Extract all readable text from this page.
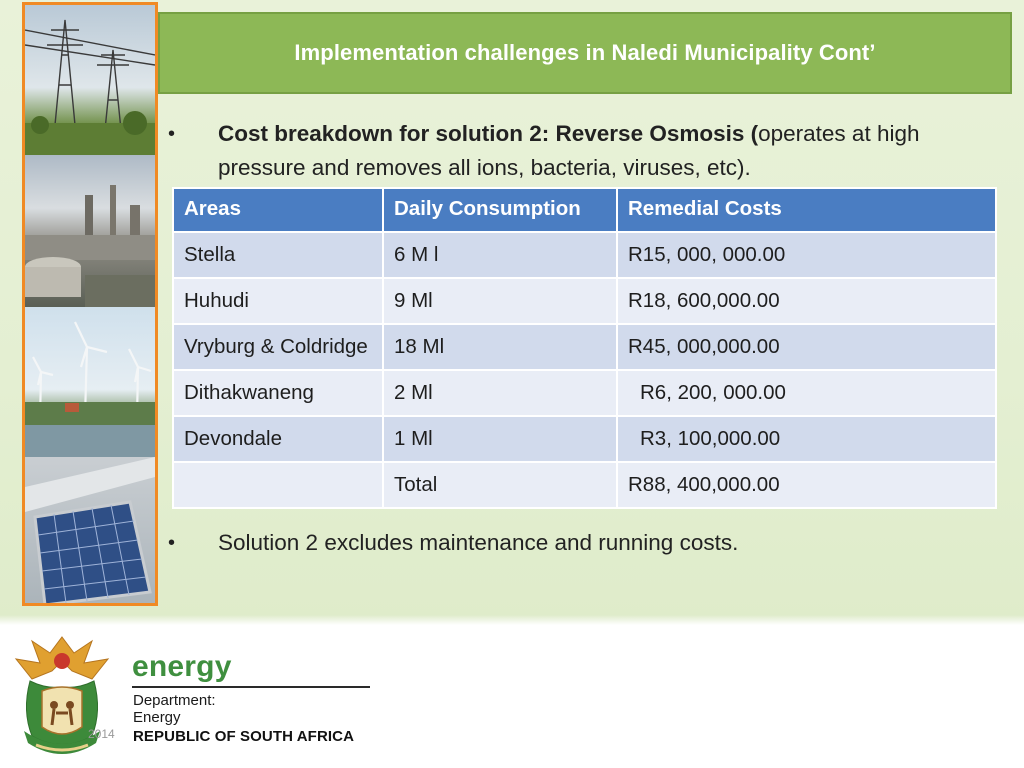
Implementation challenges in Naledi Municipality Cont’
•	Cost breakdown for solution 2: Reverse Osmosis (operates at high pressure and removes all ions, bacteria, viruses, etc).
Areas	Daily Consumption	Remedial Costs
Stella	6 M l	R15, 000, 000.00
Huhudi	9 Ml	R18, 600,000.00
Vryburg & Coldridge	18 Ml	R45, 000,000.00
Dithakwaneng	2 Ml	R6, 200, 000.00
Devondale	1 Ml	R3, 100,000.00
	Total	R88, 400,000.00
•	Solution 2 excludes maintenance and running costs.
energy
Department:
Energy
2014 REPUBLIC OF SOUTH AFRICA
